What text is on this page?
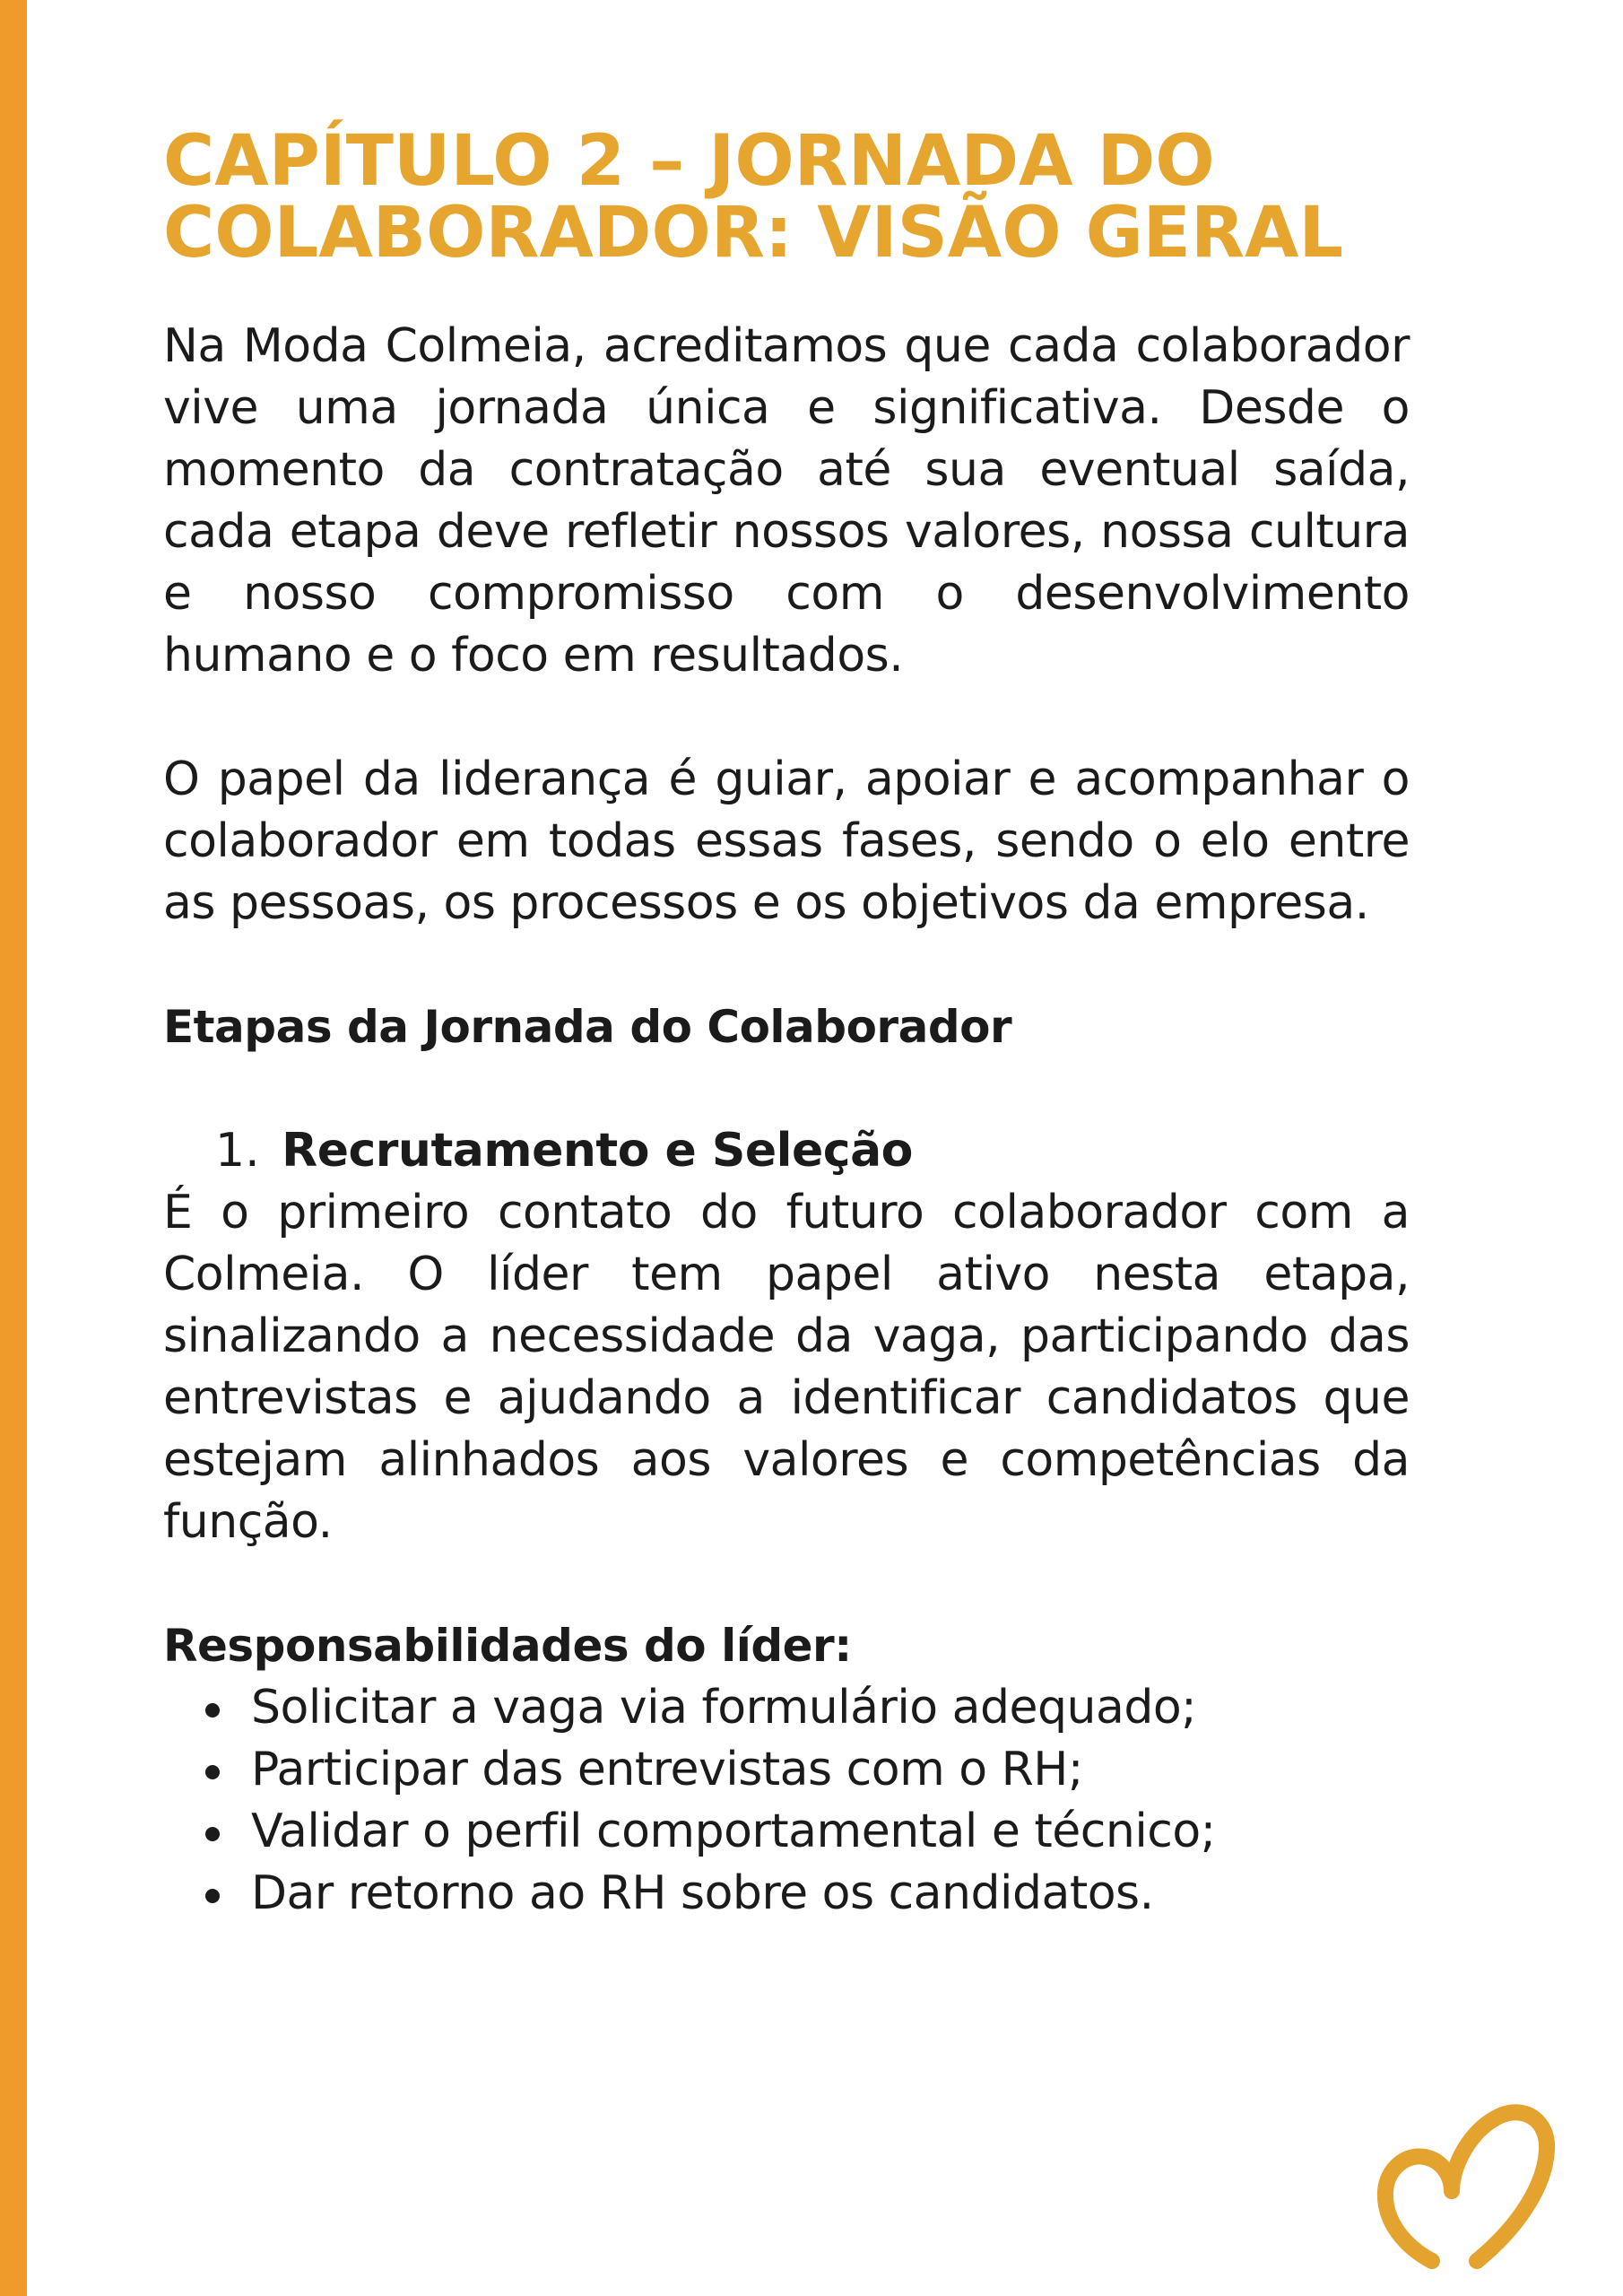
CAPÍTULO 2 – JORNADA DO
COLABORADOR: VISÃO GERAL

Na Moda Colmeia, acreditamos que cada colaborador vive uma jornada única e significativa. Desde o momento da contratação até sua eventual saída, cada etapa deve refletir nossos valores, nossa cultura e nosso compromisso com o desenvolvimento humano e o foco em resultados.

O papel da liderança é guiar, apoiar e acompanhar o colaborador em todas essas fases, sendo o elo entre as pessoas, os processos e os objetivos da empresa.

Etapas da Jornada do Colaborador
1. Recrutamento e Seleção

É o primeiro contato do futuro colaborador com a Colmeia. O líder tem papel ativo nesta etapa, sinalizando a necessidade da vaga, participando das entrevistas e ajudando a identificar candidatos que estejam alinhados aos valores e competências da função.

Responsabilidades do líder:
Solicitar a vaga via formulário adequado;
Participar das entrevistas com o RH;
Validar o perfil comportamental e técnico;
Dar retorno ao RH sobre os candidatos.
